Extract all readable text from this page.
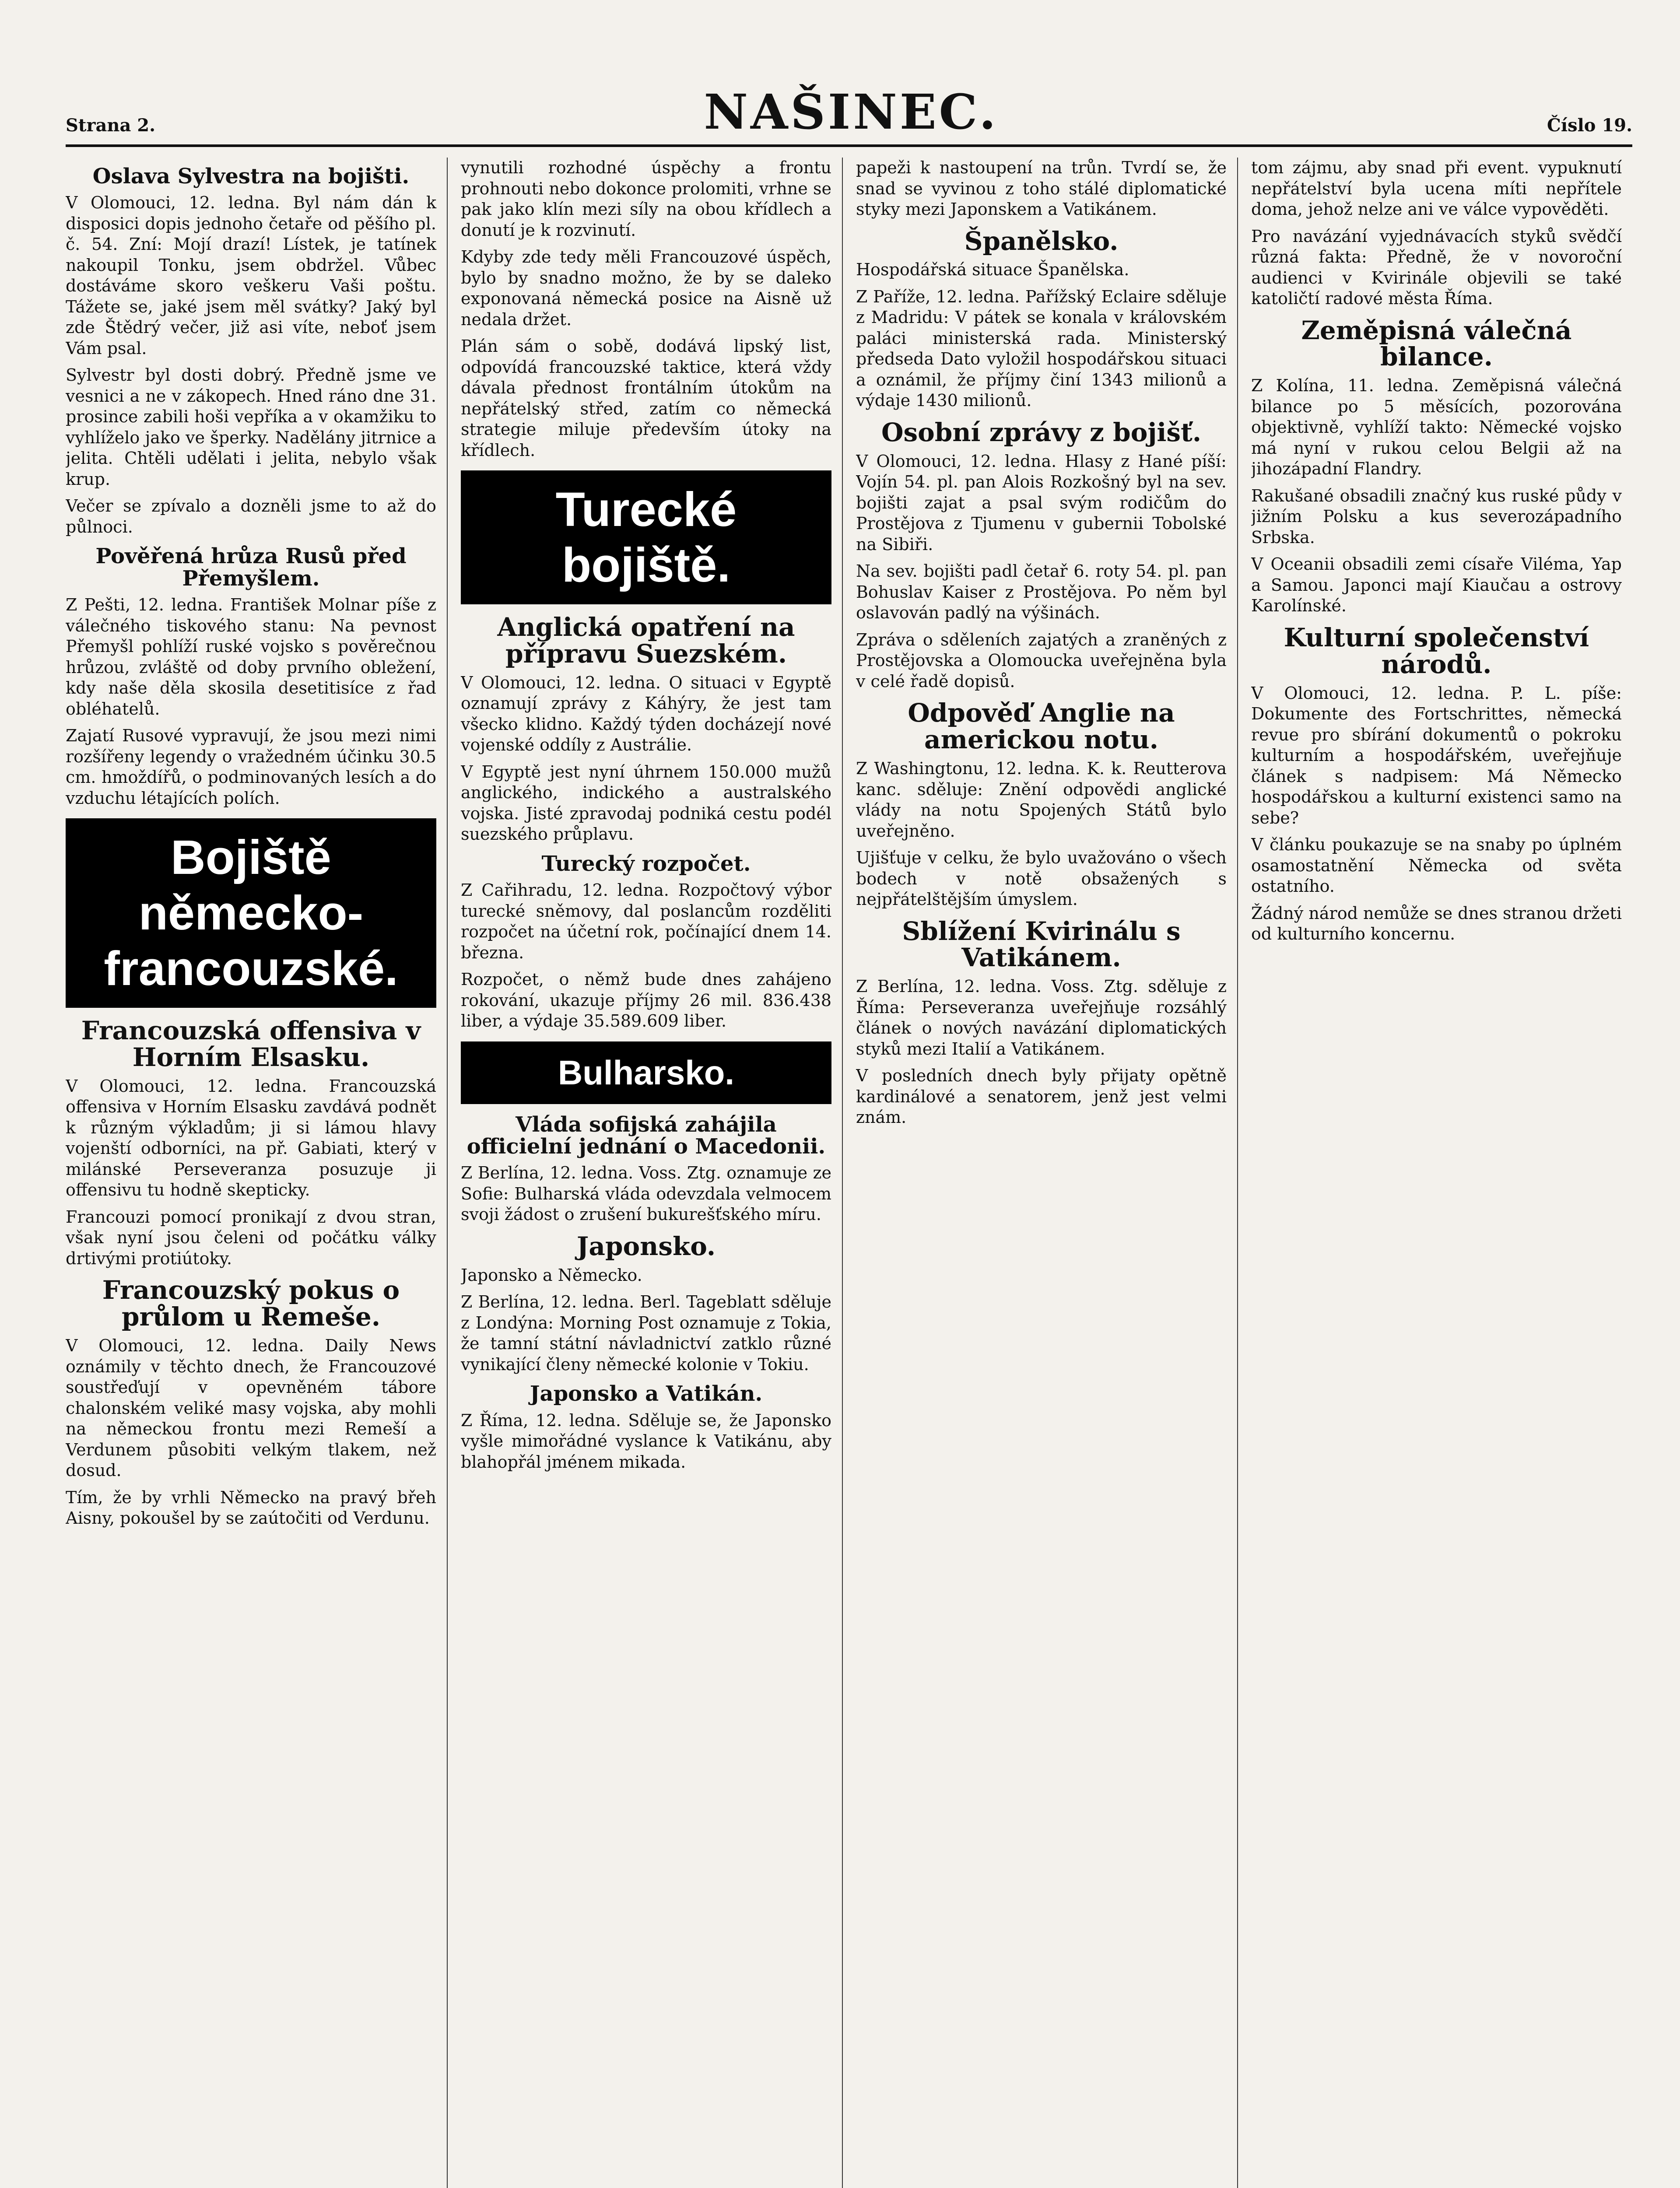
Strana 2.	NAŠINEC.	Číslo 19.
Oslava Sylvestra na bojišti.

V Olomouci, 12. ledna. Byl nám dán k disposici dopis jednoho četaře od pěšího pl. č. 54. Zní: Mojí drazí! Lístek, je tatínek nakoupil Tonku, jsem obdržel. Vůbec dostáváme skoro veškeru Vaši poštu. Tážete se, jaké jsem měl svátky? Jaký byl zde Štědrý večer, již asi víte, neboť jsem Vám psal.

Sylvestr byl dosti dobrý. Předně jsme ve vesnici a ne v zákopech. Hned ráno dne 31. prosince zabili hoši vepříka a v okamžiku to vyhlíželo jako ve šperky. Nadělány jitrnice a jelita. Chtěli udělati i jelita, nebylo však krup.

Večer se zpívalo a dozněli jsme to až do půlnoci.

Pověřená hrůza Rusů před Přemyšlem.

Z Pešti, 12. ledna. František Molnar píše z válečného tiskového stanu: Na pevnost Přemyšl pohlíží ruské vojsko s pověrečnou hrůzou, zvláště od doby prvního obležení, kdy naše děla skosila desetitisíce z řad obléhatelů.

Zajatí Rusové vypravují, že jsou mezi nimi rozšířeny legendy o vražedném účinku 30.5 cm. hmoždířů, o podminovaných lesích a do vzduchu létajících polích.

Bojiště německo-francouzské.
Francouzská offensiva v Horním Elsasku.

V Olomouci, 12. ledna. Francouzská offensiva v Horním Elsasku zavdává podnět k různým výkladům; ji si lámou hlavy vojenští odborníci, na př. Gabiati, který v milánské Perseveranza posuzuje ji offensivu tu hodně skepticky.

Francouzi pomocí pronikají z dvou stran, však nyní jsou čeleni od počátku války drtivými protiútoky.

Francouzský pokus o průlom u Remeše.

V Olomouci, 12. ledna. Daily News oznámily v těchto dnech, že Francouzové soustřeďují v opevněném tábore chalonském veliké masy vojska, aby mohli na německou frontu mezi Remeší a Verdunem působiti velkým tlakem, než dosud.

Tím, že by vrhli Německo na pravý břeh Aisny, pokoušel by se zaútočiti od Verdunu.

vynutili rozhodné úspěchy a frontu prohnouti nebo dokonce prolomiti, vrhne se pak jako klín mezi síly na obou křídlech a donutí je k rozvinutí.

Kdyby zde tedy měli Francouzové úspěch, bylo by snadno možno, že by se daleko exponovaná německá posice na Aisně už nedala držet.

Plán sám o sobě, dodává lipský list, odpovídá francouzské taktice, která vždy dávala přednost frontálním útokům na nepřátelský střed, zatím co německá strategie miluje především útoky na křídlech.

Turecké bojiště.
Anglická opatření na přípravu Suezském.

V Olomouci, 12. ledna. O situaci v Egyptě oznamují zprávy z Káhýry, že jest tam všecko klidno. Každý týden docházejí nové vojenské oddíly z Austrálie.

V Egyptě jest nyní úhrnem 150.000 mužů anglického, indického a australského vojska. Jisté zpravodaj podniká cestu podél suezského průplavu.

Turecký rozpočet.

Z Cařihradu, 12. ledna. Rozpočtový výbor turecké sněmovy, dal poslancům rozděliti rozpočet na účetní rok, počínající dnem 14. března.

Rozpočet, o němž bude dnes zahájeno rokování, ukazuje příjmy 26 mil. 836.438 liber, a výdaje 35.589.609 liber.

Bulharsko.
Vláda sofijská zahájila officielní jednání o Macedonii.

Z Berlína, 12. ledna. Voss. Ztg. oznamuje ze Sofie: Bulharská vláda odevzdala velmocem svoji žádost o zrušení bukurešťského míru.

Japonsko.

Japonsko a Německo.

Z Berlína, 12. ledna. Berl. Tageblatt sděluje z Londýna: Morning Post oznamuje z Tokia, že tamní státní návladnictví zatklo různé vynikající členy německé kolonie v Tokiu.

Japonsko a Vatikán.

Z Říma, 12. ledna. Sděluje se, že Japonsko vyšle mimořádné vyslance k Vatikánu, aby blahopřál jménem mikada.

papeži k nastoupení na trůn. Tvrdí se, že snad se vyvinou z toho stálé diplomatické styky mezi Japonskem a Vatikánem.

Španělsko.

Hospodářská situace Španělska.

Z Paříže, 12. ledna. Pařížský Eclaire sděluje z Madridu: V pátek se konala v královském paláci ministerská rada. Ministerský předseda Dato vyložil hospodářskou situaci a oznámil, že příjmy činí 1343 milionů a výdaje 1430 milionů.

Osobní zprávy z bojišť.

V Olomouci, 12. ledna. Hlasy z Hané píší: Vojín 54. pl. pan Alois Rozkošný byl na sev. bojišti zajat a psal svým rodičům do Prostějova z Tjumenu v gubernii Tobolské na Sibiři.

Na sev. bojišti padl četař 6. roty 54. pl. pan Bohuslav Kaiser z Prostějova. Po něm byl oslavován padlý na výšinách.

Zpráva o sděleních zajatých a zraněných z Prostějovska a Olomoucka uveřejněna byla v celé řadě dopisů.

Odpověď Anglie na americkou notu.

Z Washingtonu, 12. ledna. K. k. Reutterova kanc. sděluje: Znění odpovědi anglické vlády na notu Spojených Států bylo uveřejněno.

Ujišťuje v celku, že bylo uvažováno o všech bodech v notě obsažených s nejpřátelštějším úmyslem.

Sblížení Kvirinálu s Vatikánem.

Z Berlína, 12. ledna. Voss. Ztg. sděluje z Říma: Perseveranza uveřejňuje rozsáhlý článek o nových navázání diplomatických styků mezi Italií a Vatikánem.

V posledních dnech byly přijaty opětně kardinálové a senatorem, jenž jest velmi znám.

tom zájmu, aby snad při event. vypuknutí nepřátelství byla ucena míti nepřítele doma, jehož nelze ani ve válce vypověděti.

Pro navázání vyjednávacích styků svědčí různá fakta: Předně, že v novoroční audienci v Kvirinále objevili se také katoličtí radové města Říma.

Zeměpisná válečná bilance.

Z Kolína, 11. ledna. Zeměpisná válečná bilance po 5 měsících, pozorována objektivně, vyhlíží takto: Německé vojsko má nyní v rukou celou Belgii až na jihozápadní Flandry.

Rakušané obsadili značný kus ruské půdy v jižním Polsku a kus severozápadního Srbska.

V Oceanii obsadili zemi císaře Viléma, Yap a Samou. Japonci mají Kiaučau a ostrovy Karolínské.

Kulturní společenství národů.

V Olomouci, 12. ledna. P. L. píše: Dokumente des Fortschrittes, německá revue pro sbírání dokumentů o pokroku kulturním a hospodářském, uveřejňuje článek s nadpisem: Má Německo hospodářskou a kulturní existenci samo na sebe?

V článku poukazuje se na snaby po úplném osamostatnění Německa od světa ostatního.

Žádný národ nemůže se dnes stranou držeti od kulturního koncernu.
